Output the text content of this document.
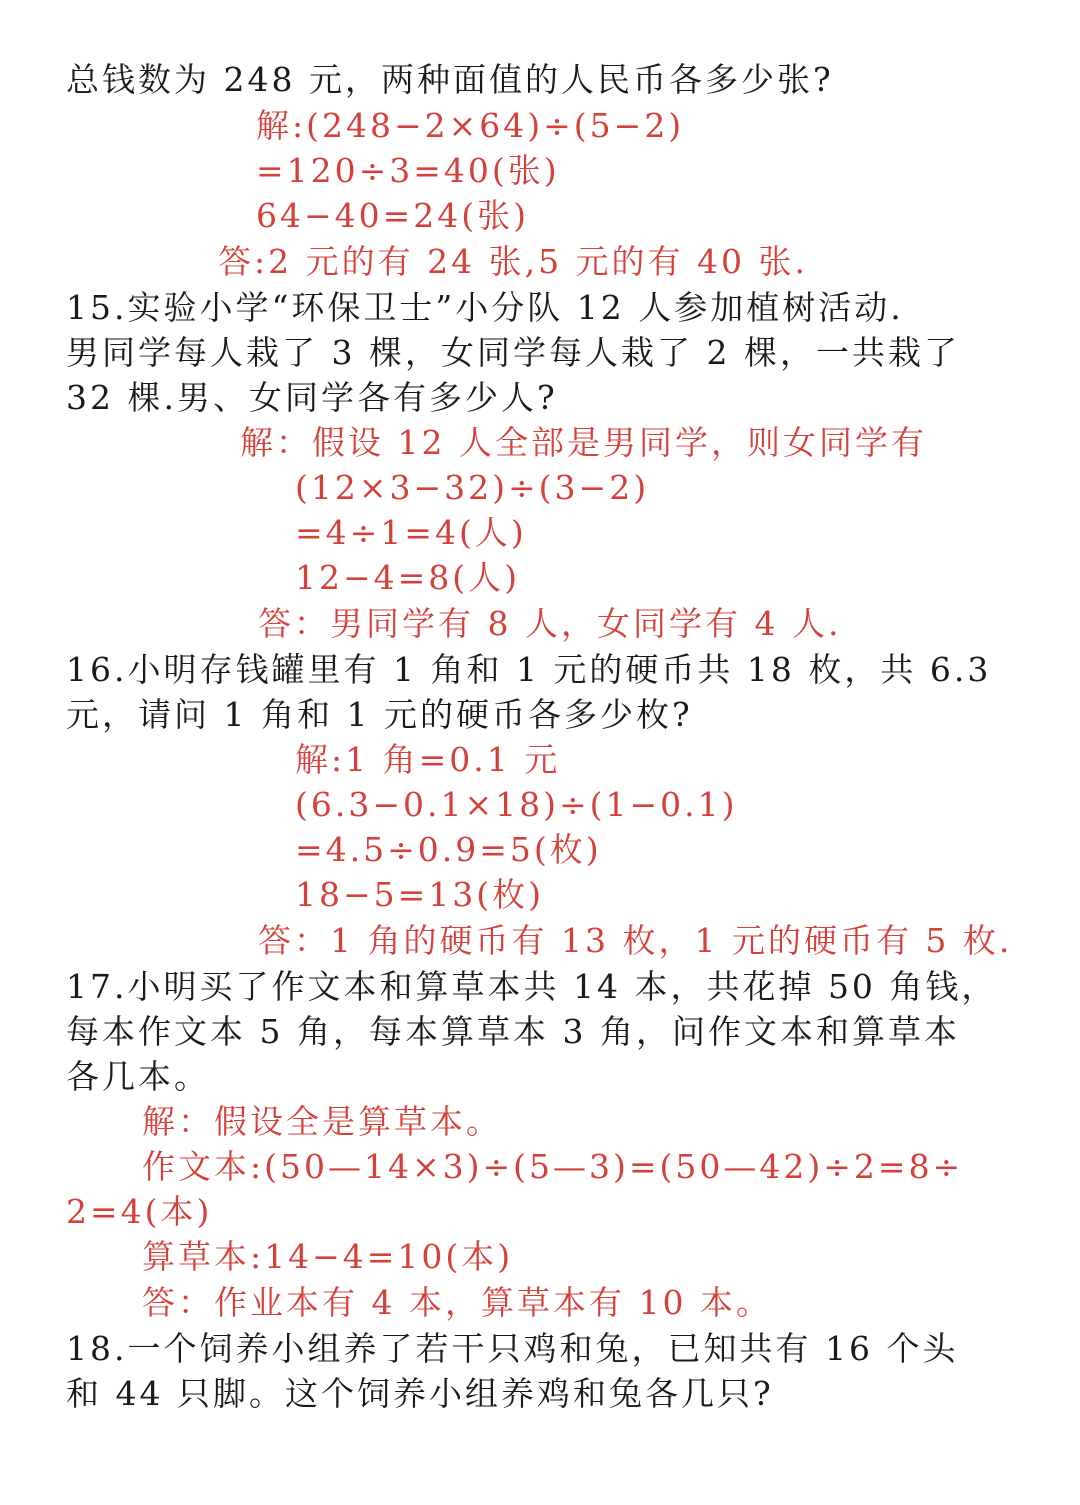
总钱数为 248 元，两种面值的人民币各多少张?
解:(248−2×64)÷(5−2)
=120÷3=40(张)
64−40=24(张)
答:2 元的有 24 张,5 元的有 40 张.
15.实验小学“环保卫士”小分队 12 人参加植树活动.
男同学每人栽了 3 棵，女同学每人栽了 2 棵，一共栽了
32 棵.男、女同学各有多少人?
解：假设 12 人全部是男同学，则女同学有
(12×3−32)÷(3−2)
=4÷1=4(人)
12−4=8(人)
答：男同学有 8 人，女同学有 4 人.
16.小明存钱罐里有 1 角和 1 元的硬币共 18 枚，共 6.3
元，请问 1 角和 1 元的硬币各多少枚?
解:1 角=0.1 元
(6.3−0.1×18)÷(1−0.1)
=4.5÷0.9=5(枚)
18−5=13(枚)
答：1 角的硬币有 13 枚，1 元的硬币有 5 枚.
17.小明买了作文本和算草本共 14 本，共花掉 50 角钱，
每本作文本 5 角，每本算草本 3 角，问作文本和算草本
各几本。
解：假设全是算草本。
作文本:(50—14×3)÷(5—3)=(50—42)÷2=8÷
2=4(本)
算草本:14−4=10(本)
答：作业本有 4 本，算草本有 10 本。
18.一个饲养小组养了若干只鸡和兔，已知共有 16 个头
和 44 只脚。这个饲养小组养鸡和兔各几只?
